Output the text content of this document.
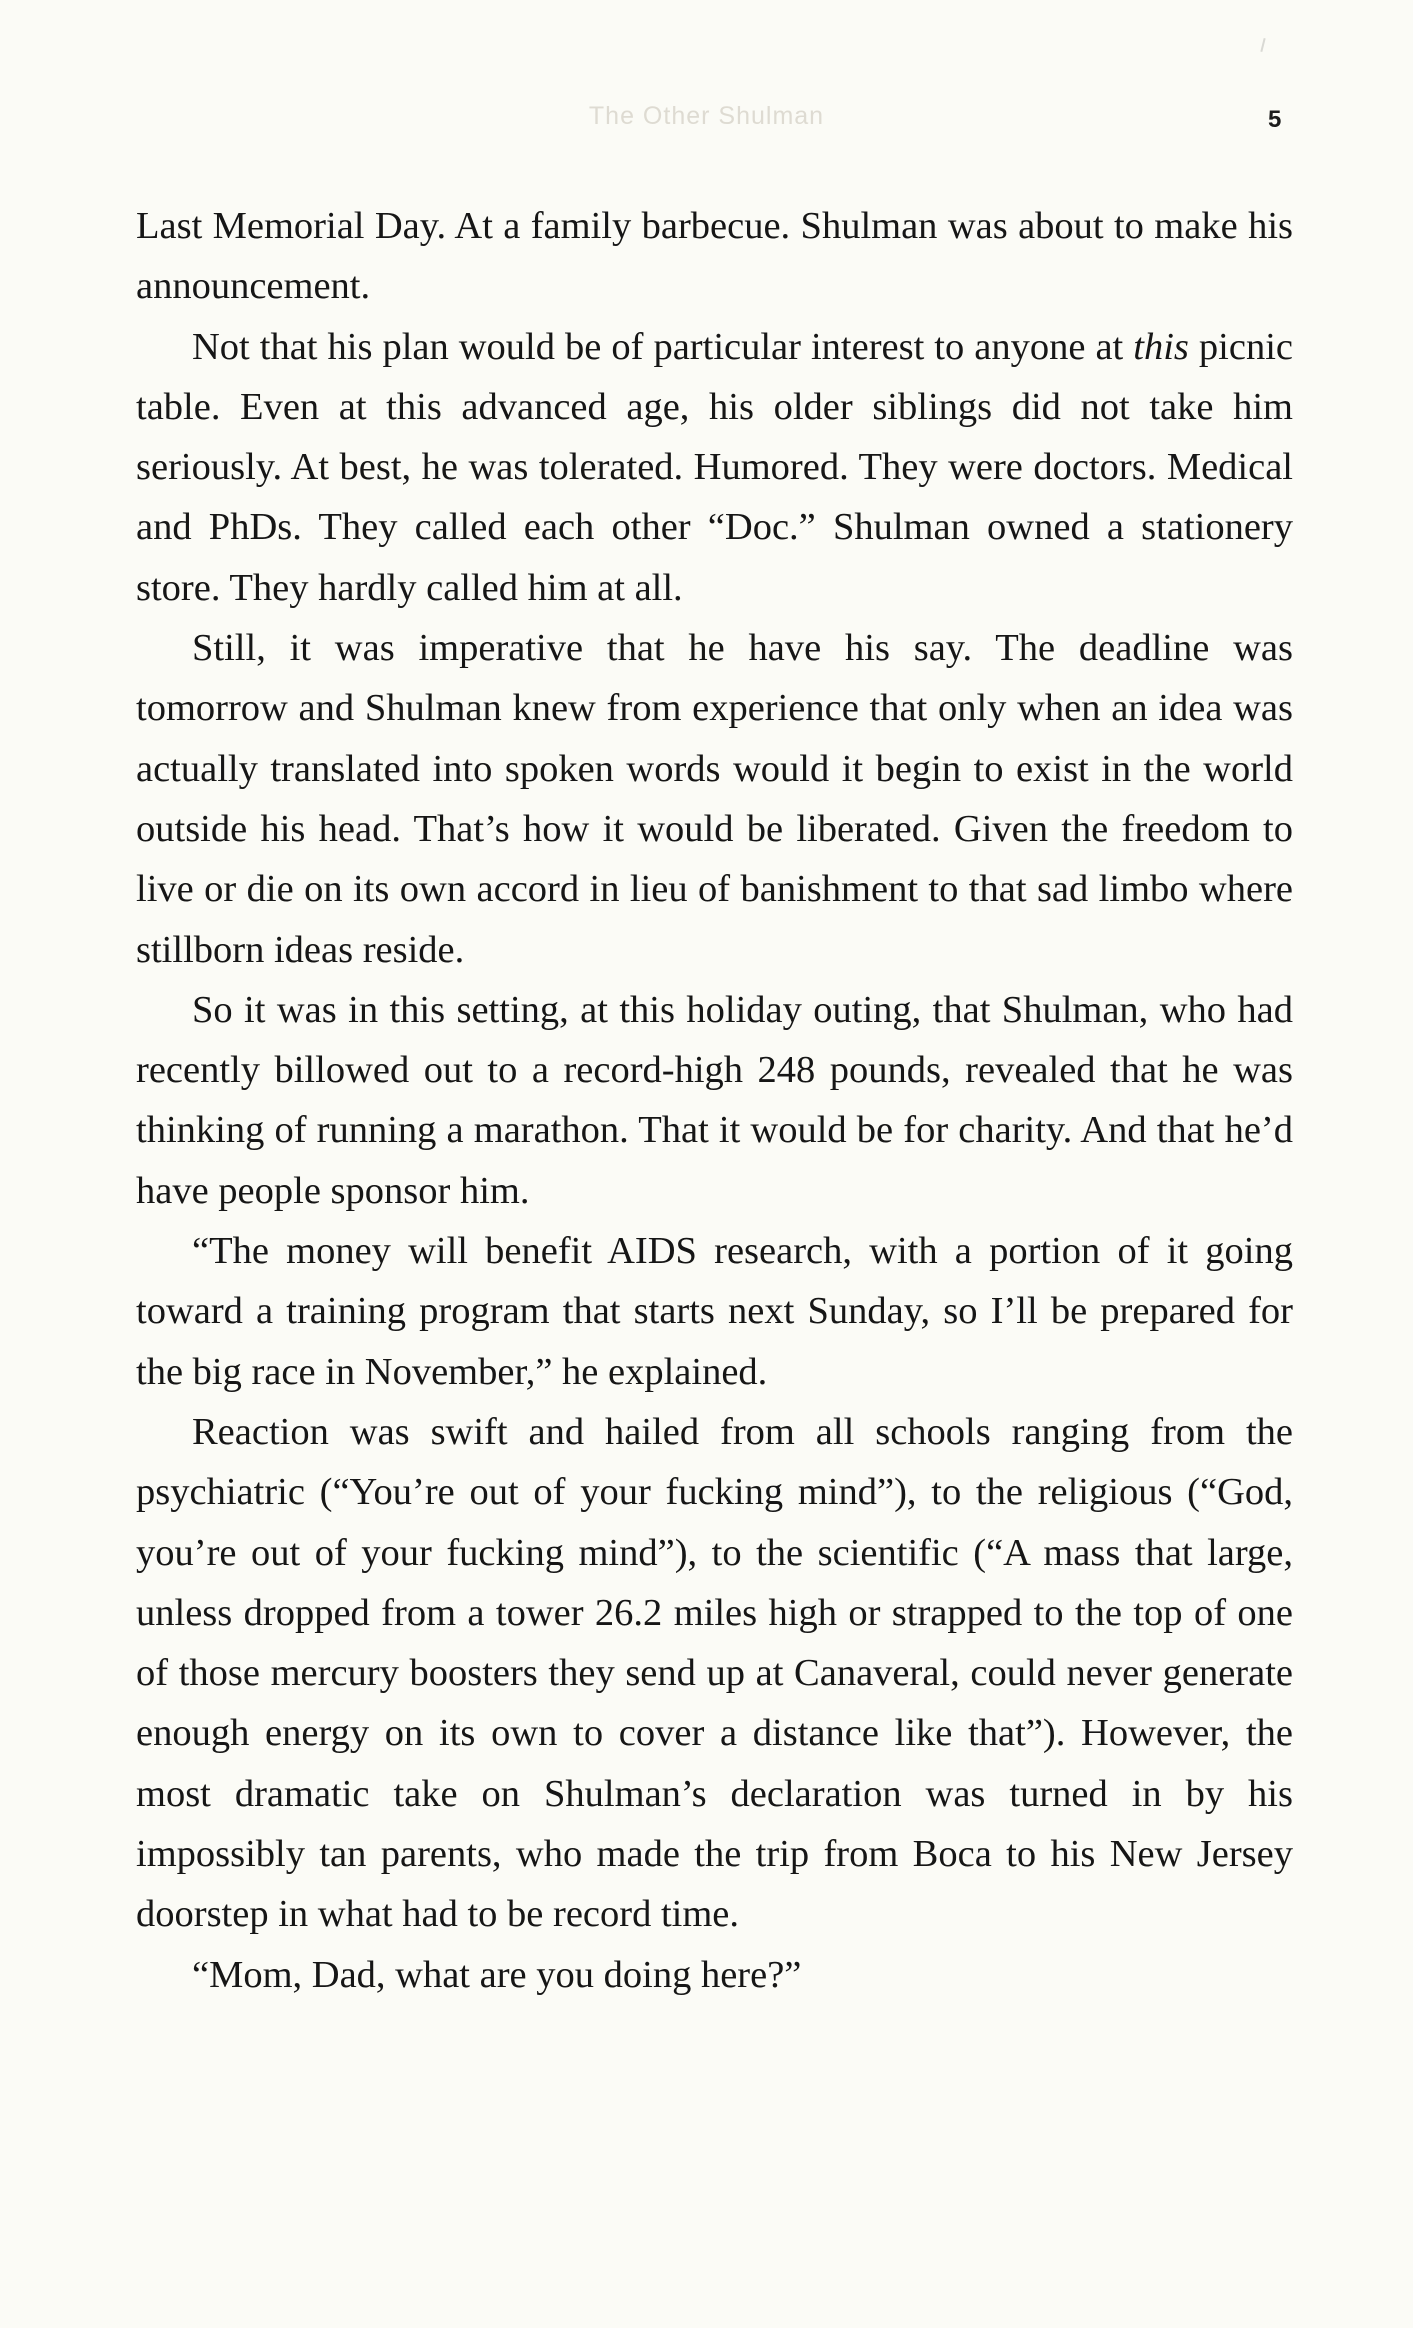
The Other Shulman	5

Last Memorial Day. At a family barbecue. Shulman was about to make his announcement.

Not that his plan would be of particular interest to anyone at this picnic table. Even at this advanced age, his older siblings did not take him seriously. At best, he was tolerated. Humored. They were doctors. Medical and PhDs. They called each other “Doc.” Shulman owned a stationery store. They hardly called him at all.

Still, it was imperative that he have his say. The deadline was tomorrow and Shulman knew from experience that only when an idea was actually translated into spoken words would it begin to exist in the world outside his head. That’s how it would be liberated. Given the freedom to live or die on its own accord in lieu of banishment to that sad limbo where stillborn ideas reside.

So it was in this setting, at this holiday outing, that Shulman, who had recently billowed out to a record-high 248 pounds, revealed that he was thinking of running a marathon. That it would be for charity. And that he’d have people sponsor him.

“The money will benefit AIDS research, with a portion of it going toward a training program that starts next Sunday, so I’ll be prepared for the big race in November,” he explained.

Reaction was swift and hailed from all schools ranging from the psychiatric (“You’re out of your fucking mind”), to the religious (“God, you’re out of your fucking mind”), to the scientific (“A mass that large, unless dropped from a tower 26.2 miles high or strapped to the top of one of those mercury boosters they send up at Canaveral, could never generate enough energy on its own to cover a distance like that”). However, the most dramatic take on Shulman’s declaration was turned in by his impossibly tan parents, who made the trip from Boca to his New Jersey doorstep in what had to be record time.

“Mom, Dad, what are you doing here?”
